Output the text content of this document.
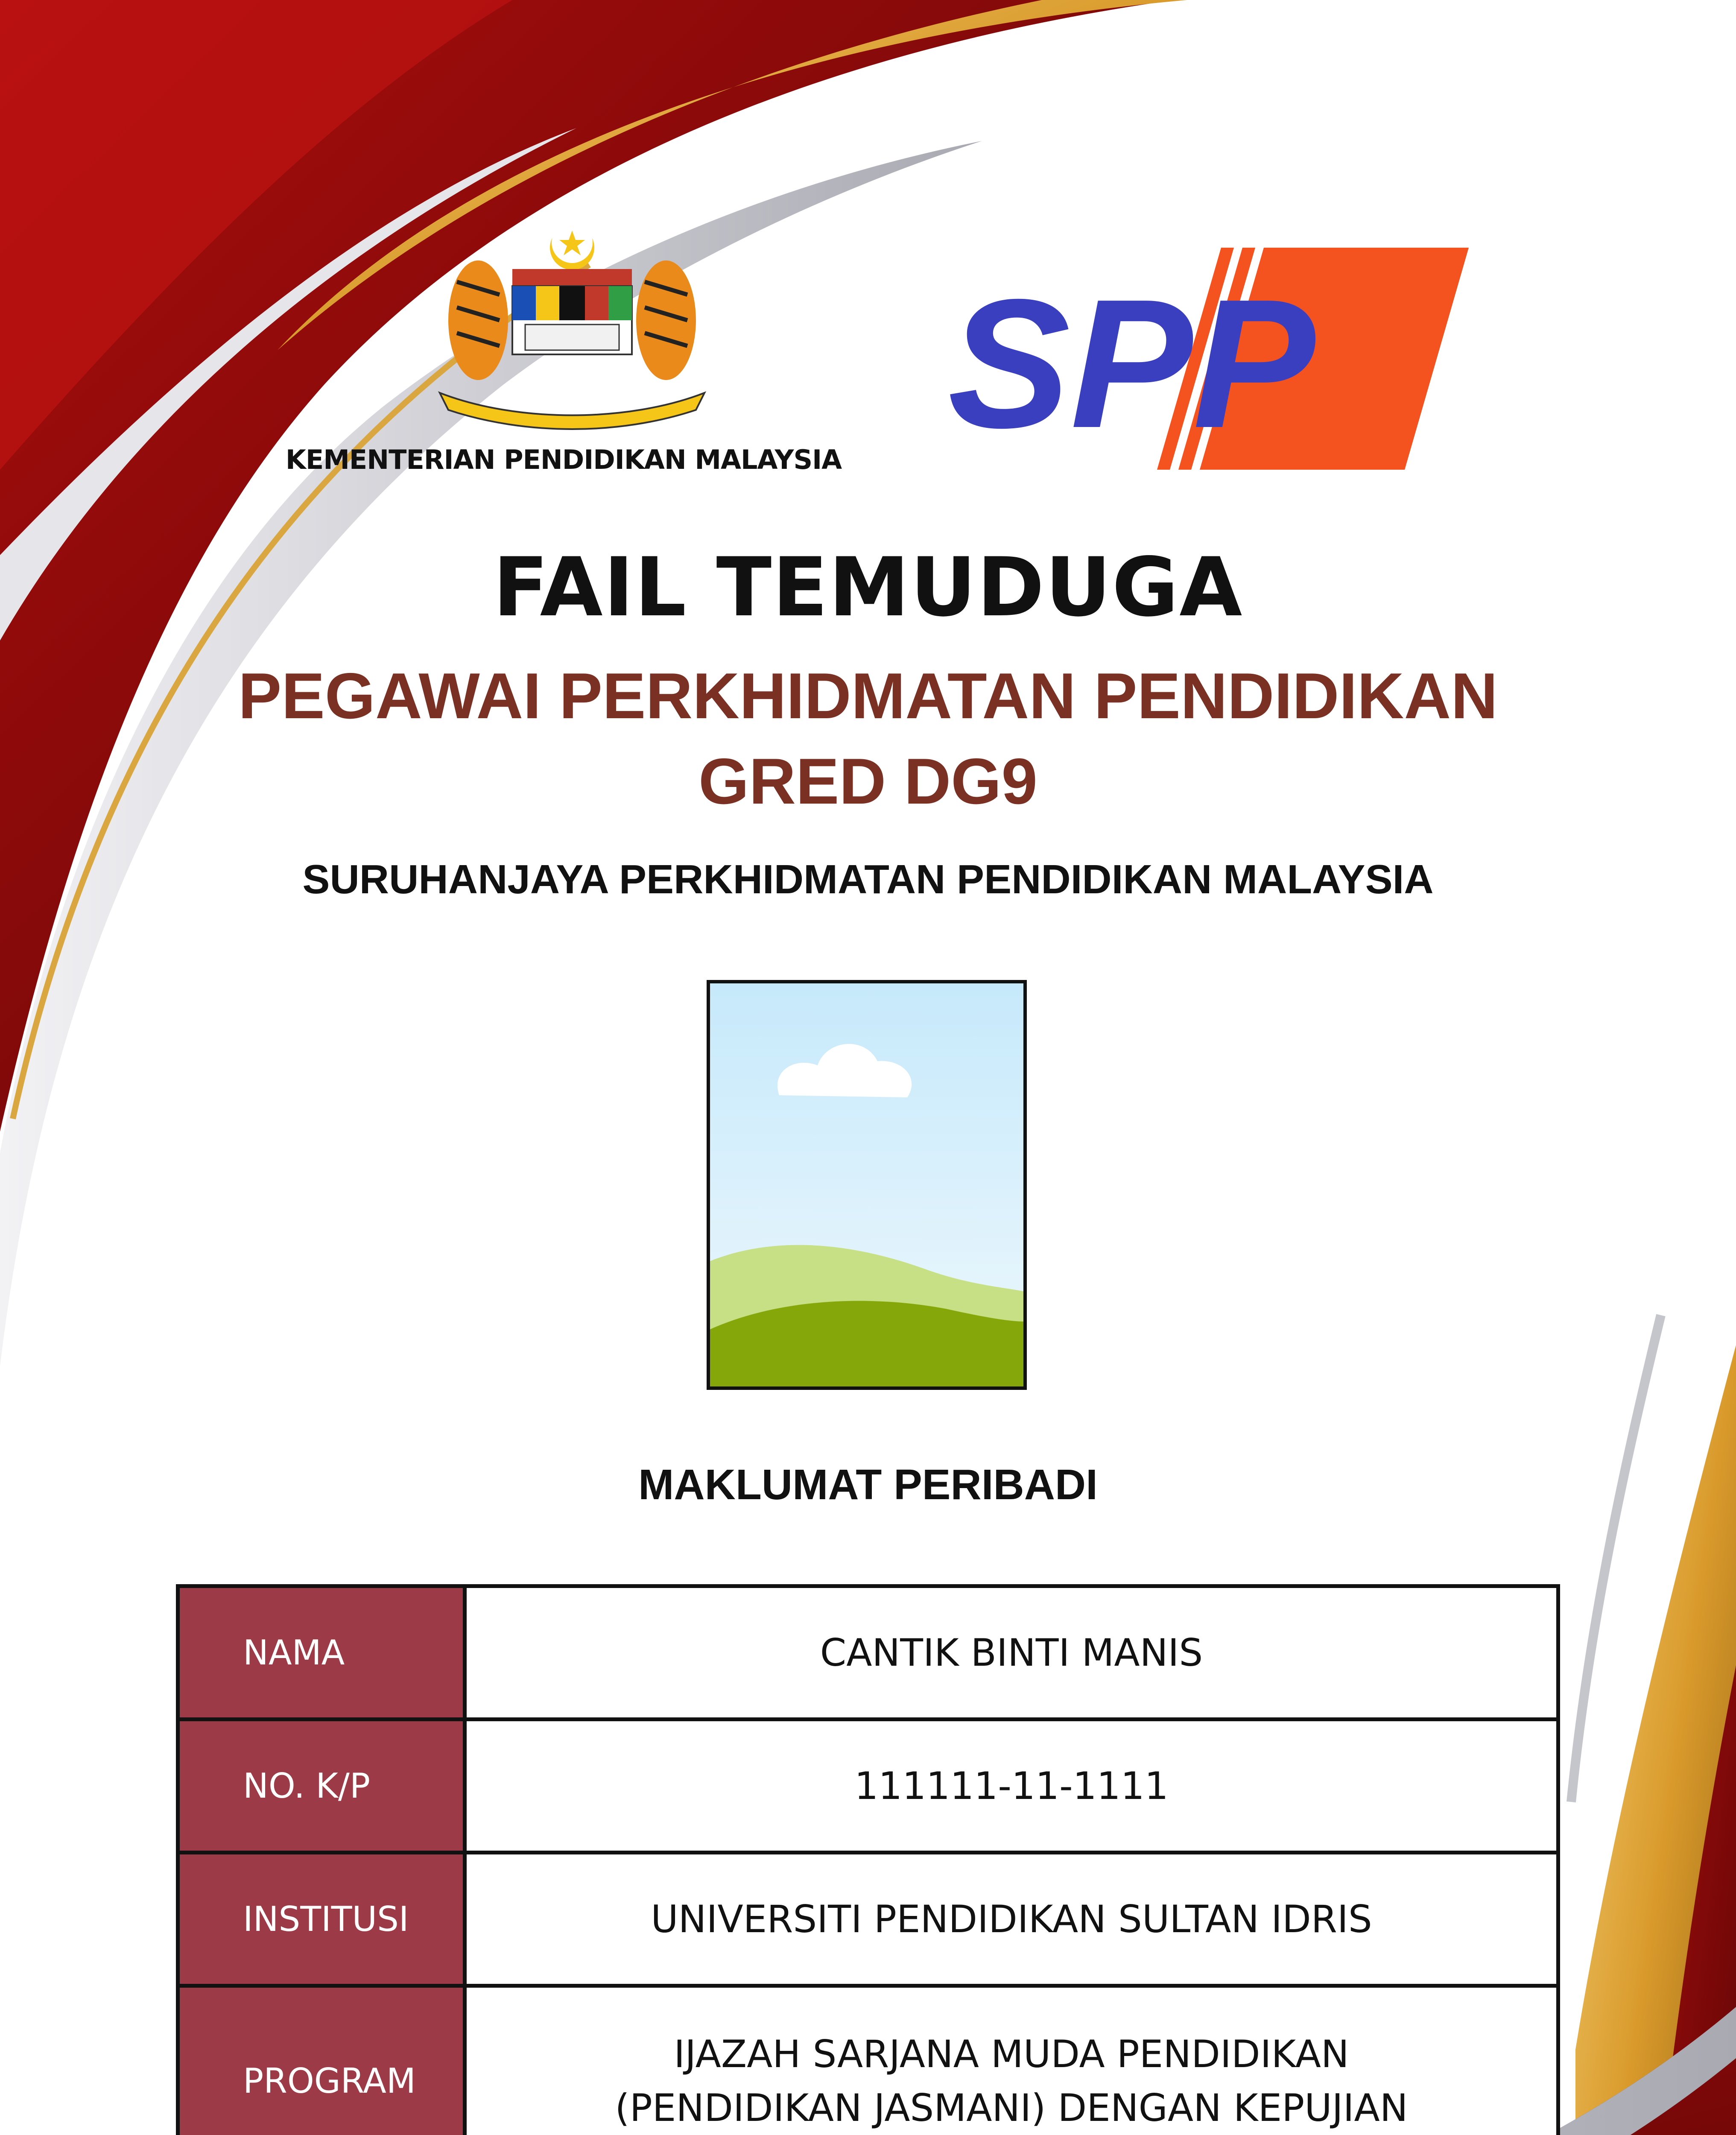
KEMENTERIAN PENDIDIKAN MALAYSIA SPP
FAIL TEMUDUGA
PEGAWAI PERKHIDMATAN PENDIDIKAN
GRED DG9
SURUHANJAYA PERKHIDMATAN PENDIDIKAN MALAYSIA
MAKLUMAT PERIBADI
NAMA	CANTIK BINTI MANIS
NO. K/P	111111-11-1111
INSTITUSI	UNIVERSITI PENDIDIKAN SULTAN IDRIS
PROGRAM	IJAZAH SARJANA MUDA PENDIDIKAN
(PENDIDIKAN JASMANI) DENGAN KEPUJIAN
